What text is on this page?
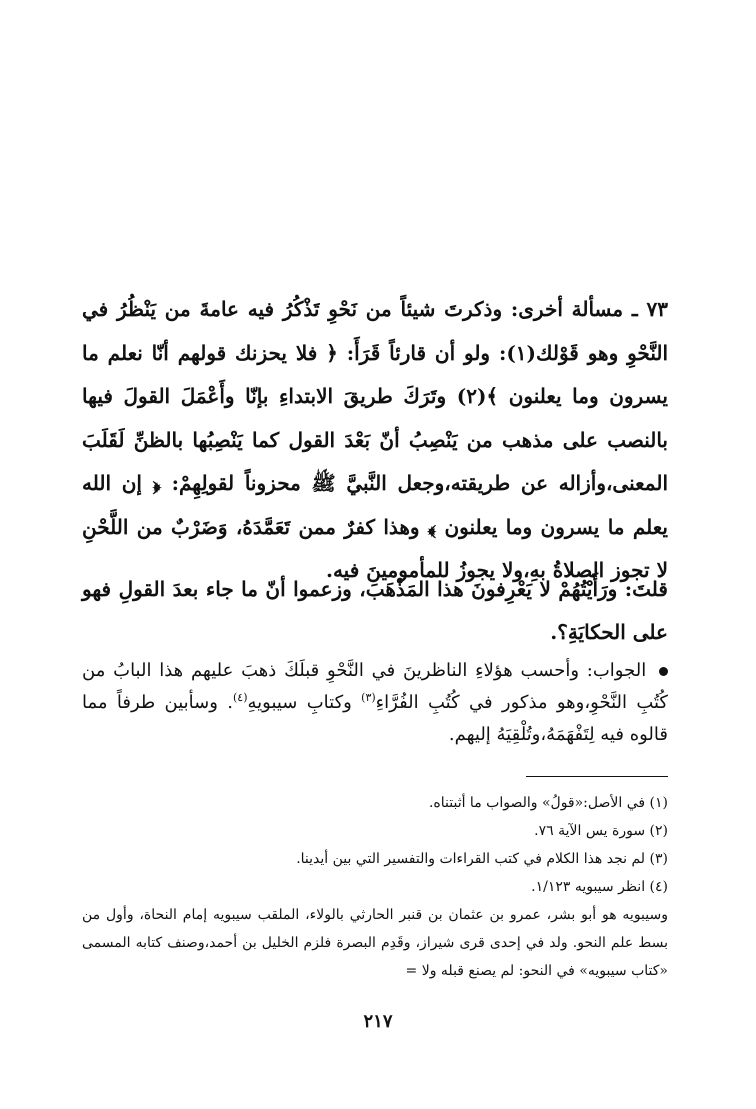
٧٣ ـ مسألة أخرى: وذكرتَ شيئاً من نَحْوِ تَذْكُرُ فيه عامةَ من يَنْظُرُ في النَّحْوِ وهو قَوْلك(١): ولو أن قارئاً قَرَأَ: ﴿ فلا يحزنك قولهم أنّا نعلم ما يسرون وما يعلنون ﴾(٢) وتَرَكَ طريقَ الابتداءِ بإنّا وأَعْمَلَ القولَ فيها بالنصب على مذهب من يَنْصِبُ أنّ بَعْدَ القول كما يَنْصِبُها بالظنِّ لَقَلَبَ المعنى،وأزاله عن طريقته،وجعل النَّبيَّ ﷺ محزوناً لقولِهِمْ: ﴿ إن الله يعلم ما يسرون وما يعلنون ﴾ وهذا كفرٌ ممن تَعَمَّدَهُ، وَضَرْبٌ من اللَّحْنِ لا تجوز الصلاةُ بهِ،ولا يجوزُ للمأمومينَ فيه.

قلتَ: ورَأَيْتُهُمْ لا يَعْرِفونَ هذا المَذْهَبَ، وزعموا أنّ ما جاء بعدَ القولِ فهو على الحكايَةِ؟.

الجواب: وأحسب هؤلاءِ الناظرينَ في النَّحْوِ قبلَكَ ذهبَ عليهم هذا البابُ من كُتُبِ النَّحْوِ،وهو مذكور في كُتُبِ الفُرَّاءِ$^{(٣)}$ وكتابِ سيبويهِ$^{(٤)}$. وسأبين طرفاً مما قالوه فيه لِتَفْهَمَهُ،وتُلْقِيَهُ إليهم.

(١) في الأصل:«قولُ» والصواب ما أثبتناه.
(٢) سورة يس الآية ٧٦.
(٣) لم نجد هذا الكلام في كتب القراءات والتفسير التي بين أيدينا.
(٤) انظر سيبويه ١/١٢٣.
وسيبويه هو أبو بشر، عمرو بن عثمان بن قنبر الحارثي بالولاء، الملقب سيبويه إمام النحاة، وأول من بسط علم النحو. ولد في إحدى قرى شيراز، وقَدِم البصرة فلزم الخليل بن أحمد،وصنف كتابه المسمى «كتاب سيبويه» في النحو: لم يصنع قبله ولا =
٢١٧
